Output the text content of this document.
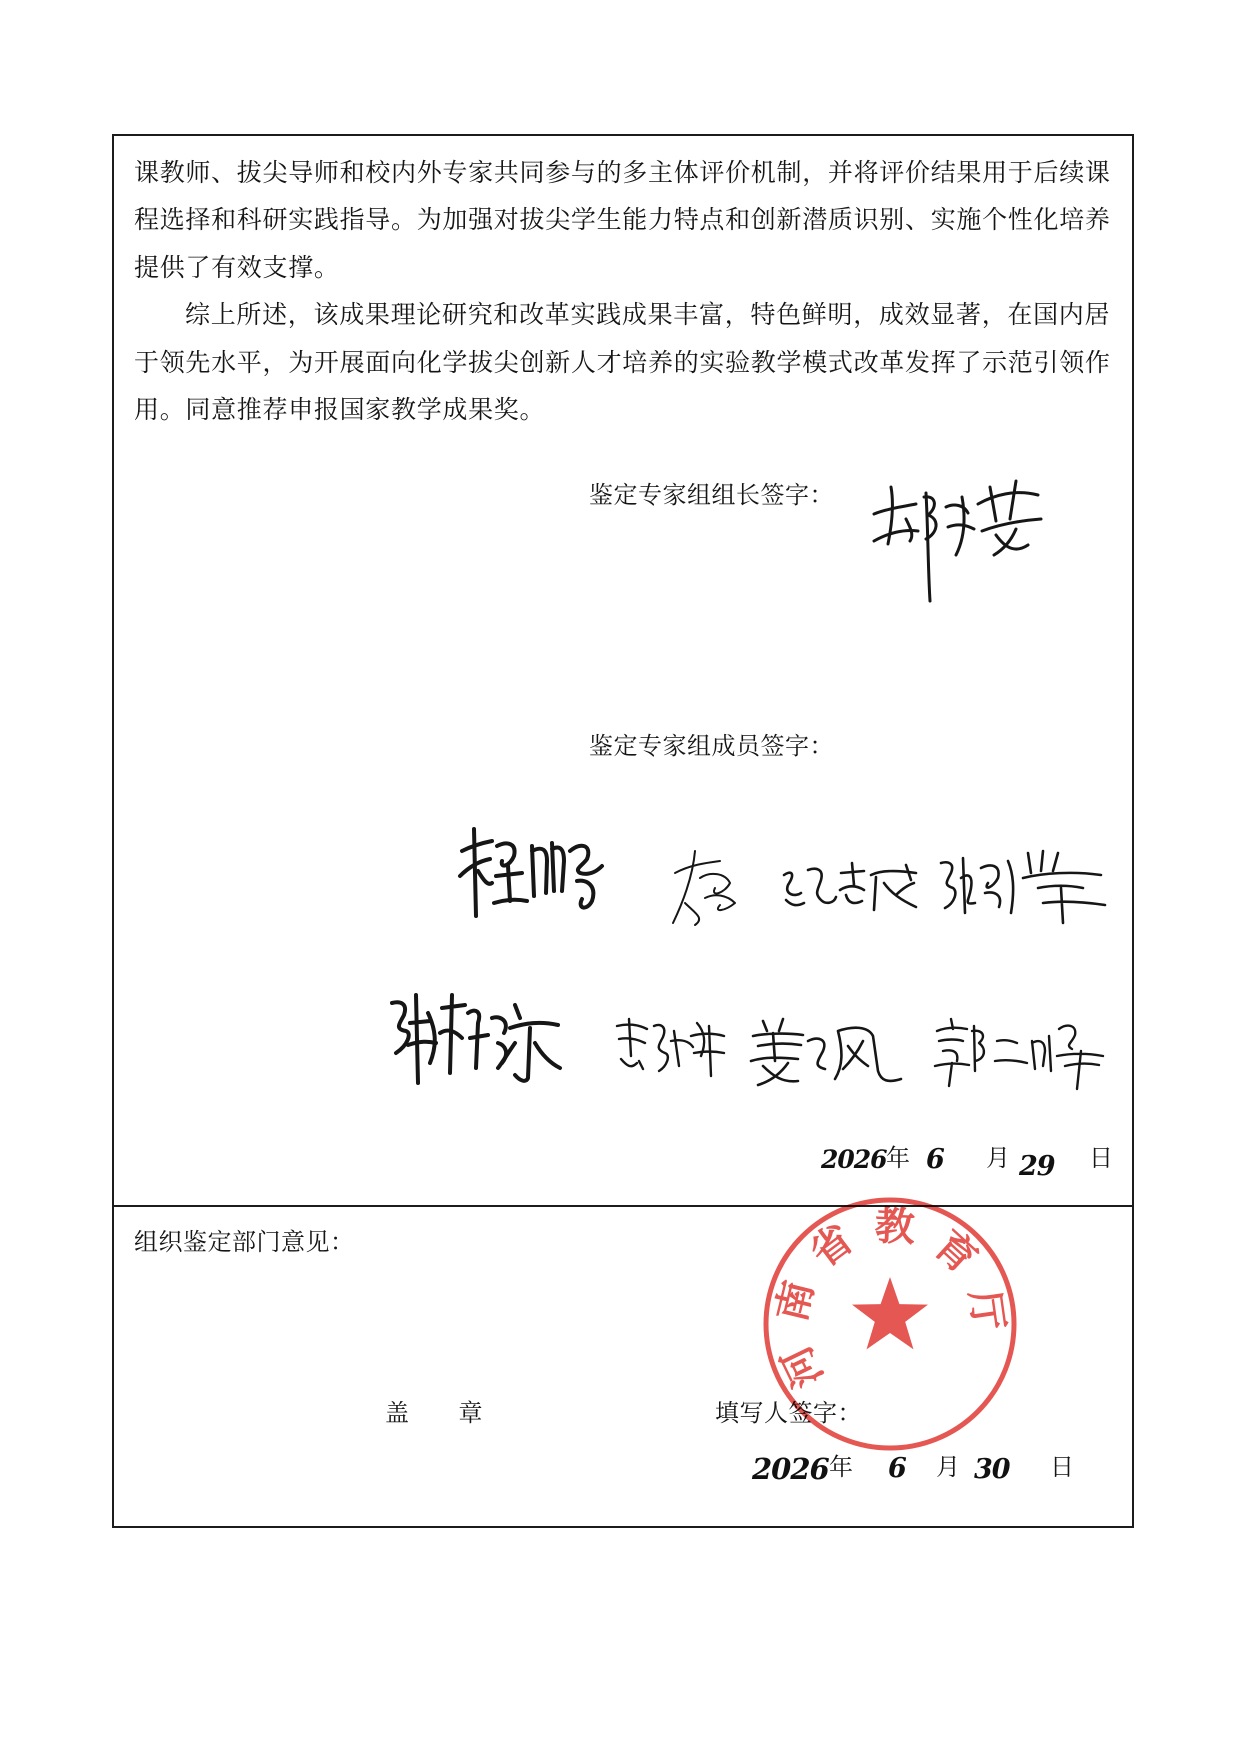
课教师、拔尖导师和校内外专家共同参与的多主体评价机制，并将评价结果用于后续课
程选择和科研实践指导。为加强对拔尖学生能力特点和创新潜质识别、实施个性化培养
提供了有效支撑。
综上所述，该成果理论研究和改革实践成果丰富，特色鲜明，成效显著，在国内居
于领先水平，为开展面向化学拔尖创新人才培养的实验教学模式改革发挥了示范引领作
用。同意推荐申报国家教学成果奖。
鉴定专家组组长签字：
鉴定专家组成员签字：
2026 年 6 月 29 日
组织鉴定部门意见：
盖　　章	填写人签字：
2026 年 6 月 30 日
河
南
省 教 育
厅
